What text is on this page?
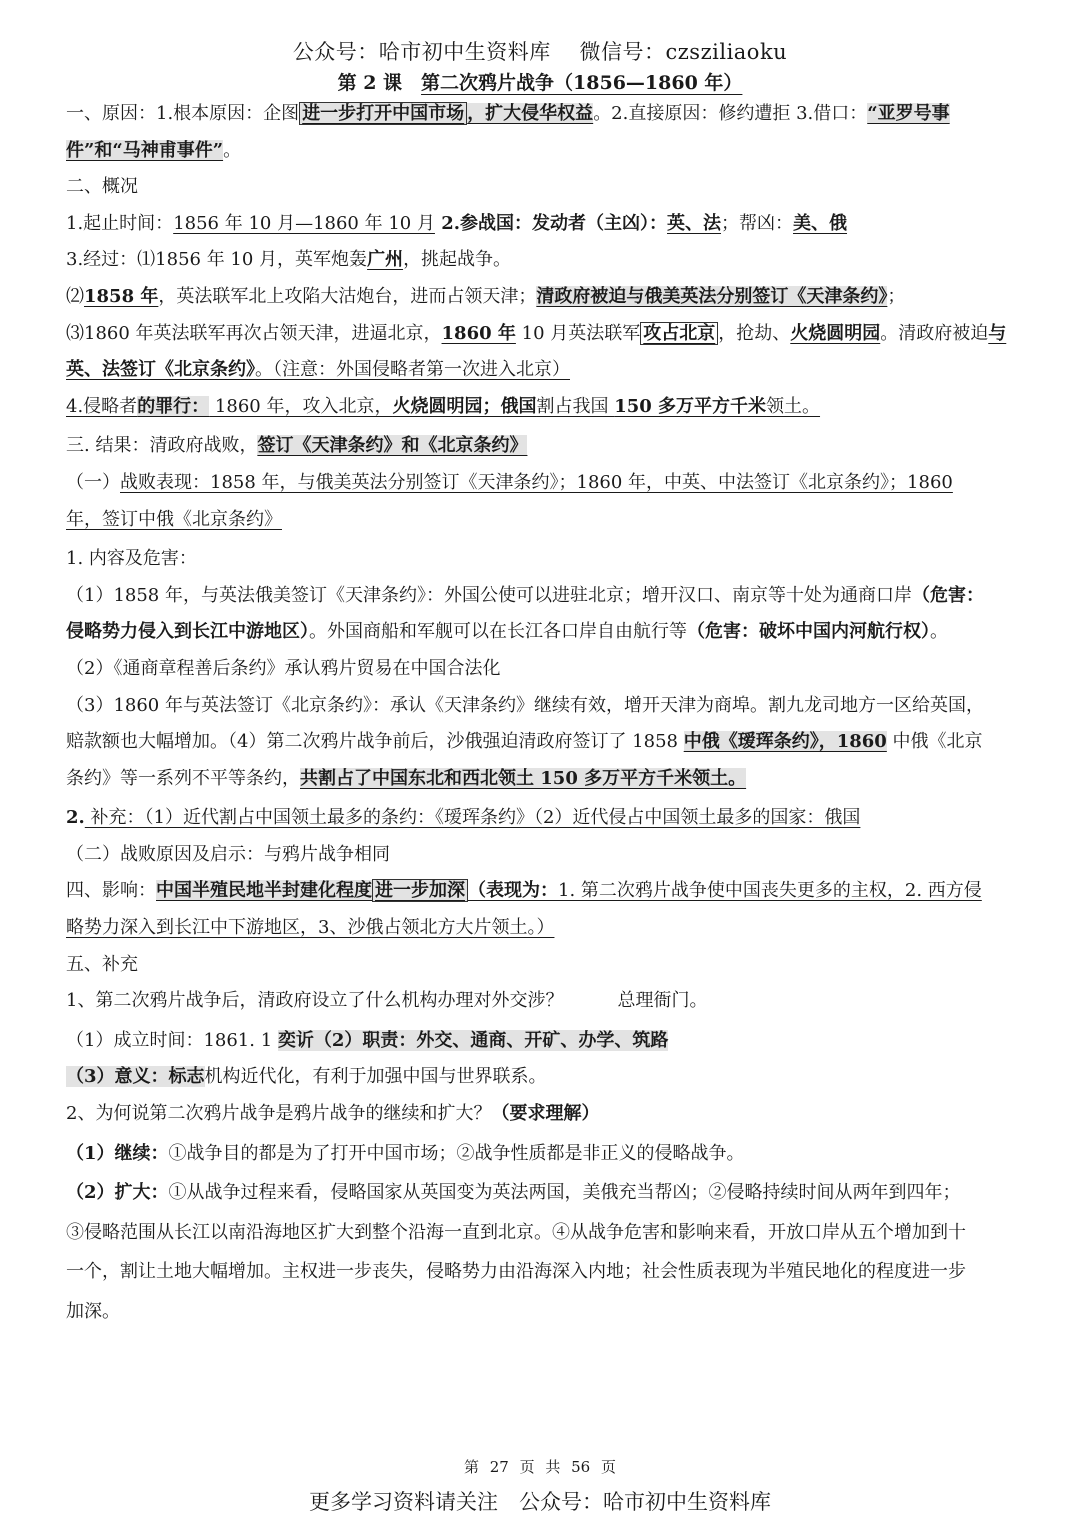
公众号：哈市初中生资料库　 微信号：czsziliaoku
第 2 课　第二次鸦片战争（1856—1860 年）
一、原因：1.根本原因：企图 进一步打开中国市场 ，扩大侵华权益。2.直接原因：修约遭拒 3.借口：“亚罗号事
件”和“马神甫事件”。
二、概况
1.起止时间：1856 年 10 月—1860 年 10 月 2.参战国：发动者（主凶）：英、法；帮凶：美、俄
3.经过：⑴1856 年 10 月，英军炮轰广州，挑起战争。
⑵1858 年，英法联军北上攻陷大沽炮台，进而占领天津；清政府被迫与俄美英法分别签订《天津条约》；
⑶1860 年英法联军再次占领天津，进逼北京，1860 年 10 月英法联军 攻占北京 ，抢劫、火烧圆明园。清政府被迫与
英、法签订《北京条约》。（注意：外国侵略者第一次进入北京）
4.侵略者的罪行： 1860 年，攻入北京，火烧圆明园；俄国割占我国 150 多万平方千米领土。
三. 结果：清政府战败，签订《天津条约》和《北京条约》
（一）战败表现：1858 年，与俄美英法分别签订《天津条约》；1860 年，中英、中法签订《北京条约》；1860
年，签订中俄《北京条约》
1. 内容及危害：
（1）1858 年，与英法俄美签订《天津条约》：外国公使可以进驻北京；增开汉口、南京等十处为通商口岸（危害：
侵略势力侵入到长江中游地区）。外国商船和军舰可以在长江各口岸自由航行等（危害：破坏中国内河航行权）。
（2）《通商章程善后条约》承认鸦片贸易在中国合法化
（3）1860 年与英法签订《北京条约》：承认《天津条约》继续有效，增开天津为商埠。割九龙司地方一区给英国，
赔款额也大幅增加。（4）第二次鸦片战争前后，沙俄强迫清政府签订了 1858 中俄《瑷珲条约》，1860 中俄《北京
条约》等一系列不平等条约，共割占了中国东北和西北领土 150 多万平方千米领土。
2. 补充：（1）近代割占中国领土最多的条约：《瑷珲条约》（2）近代侵占中国领土最多的国家：俄国
（二）战败原因及启示：与鸦片战争相同
四、影响：中国半殖民地半封建化程度 进一步加深 （表现为：1. 第二次鸦片战争使中国丧失更多的主权，2. 西方侵
略势力深入到长江中下游地区，3、沙俄占领北方大片领土。）
五、补充
1、第二次鸦片战争后，清政府设立了什么机构办理对外交涉？　　　总理衙门。
（1）成立时间：1861. 1 奕䜣（2）职责：外交、通商、开矿、办学、筑路
（3）意义：标志机构近代化，有利于加强中国与世界联系。
2、为何说第二次鸦片战争是鸦片战争的继续和扩大？（要求理解）
（1）继续：①战争目的都是为了打开中国市场；②战争性质都是非正义的侵略战争。
（2）扩大：①从战争过程来看，侵略国家从英国变为英法两国，美俄充当帮凶；②侵略持续时间从两年到四年；
③侵略范围从长江以南沿海地区扩大到整个沿海一直到北京。④从战争危害和影响来看，开放口岸从五个增加到十
一个，割让土地大幅增加。主权进一步丧失，侵略势力由沿海深入内地；社会性质表现为半殖民地化的程度进一步
加深。
第 27 页 共 56 页
更多学习资料请关注　公众号：哈市初中生资料库
